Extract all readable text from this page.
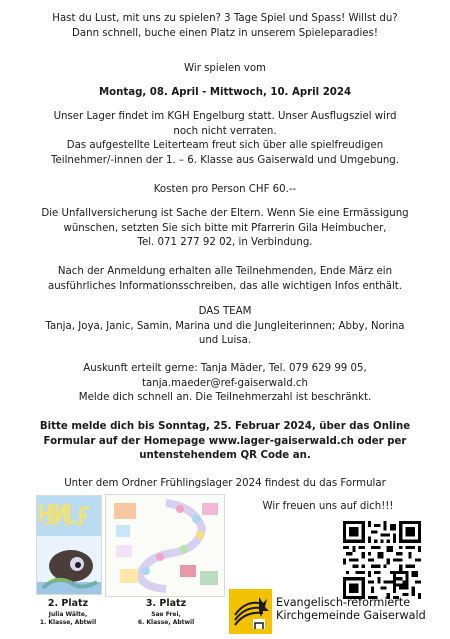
Hast du Lust, mit uns zu spielen? 3 Tage Spiel und Spass! Willst du?
Dann schnell, buche einen Platz in unserem Spieleparadies!

Wir spielen vom

Montag, 08. April - Mittwoch, 10. April 2024

Unser Lager findet im KGH Engelburg statt. Unser Ausflugsziel wird
noch nicht verraten.
Das aufgestellte Leiterteam freut sich über alle spielfreudigen
Teilnehmer/-innen der 1. – 6. Klasse aus Gaiserwald und Umgebung.

Kosten pro Person CHF 60.--

Die Unfallversicherung ist Sache der Eltern. Wenn Sie eine Ermässigung
wünschen, setzten Sie sich bitte mit Pfarrerin Gila Heimbucher,
Tel. 071 277 92 02, in Verbindung.

Nach der Anmeldung erhalten alle Teilnehmenden, Ende März ein
ausführliches Informationsschreiben, das alle wichtigen Infos enthält.

DAS TEAM
Tanja, Joya, Janic, Samin, Marina und die Jungleiterinnen; Abby, Norina
und Luisa.

Auskunft erteilt gerne: Tanja Mäder, Tel. 079 629 99 05,
tanja.maeder@ref-gaiserwald.ch
Melde dich schnell an. Die Teilnehmerzahl ist beschränkt.

Bitte melde dich bis Sonntag, 25. Februar 2024, über das Online
Formular auf der Homepage www.lager-gaiserwald.ch oder per
untenstehendem QR Code an.

Unter dem Ordner Frühlingslager 2024 findest du das Formular

Wir freuen uns auf dich!!!

2. Platz
Julia Wälte,
1. Klasse, Abtwil
3. Platz
Sae Frei,
6. Klasse, Abtwil
Evangelisch-reformierte
Kirchgemeinde Gaiserwald
